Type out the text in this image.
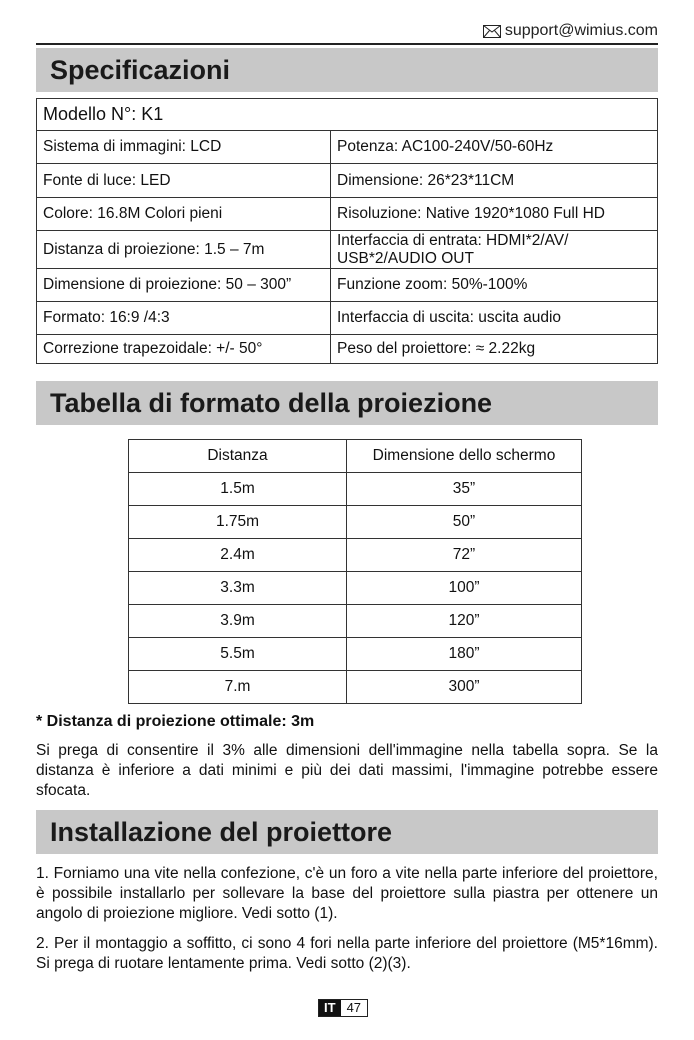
support@wimius.com
Specificazioni
Modello N°: K1	
Sistema di immagini: LCD	Potenza: AC100-240V/50-60Hz
Fonte di luce: LED	Dimensione: 26*23*11CM
Colore: 16.8M Colori pieni	Risoluzione: Native 1920*1080 Full HD
Distanza di proiezione: 1.5 – 7m	Interfaccia di entrata: HDMI*2/AV/
USB*2/AUDIO OUT
Dimensione di proiezione: 50 – 300”	Funzione zoom: 50%-100%
Formato: 16:9 /4:3	Interfaccia di uscita: uscita audio
Correzione trapezoidale: +/- 50°	Peso del proiettore: ≈ 2.22kg
Tabella di formato della proiezione
Distanza	Dimensione dello schermo
1.5m	35”
1.75m	50”
2.4m	72”
3.3m	100”
3.9m	120”
5.5m	180”
7.m	300”
* Distanza di proiezione ottimale: 3m
Si prega di consentire il 3% alle dimensioni dell'immagine nella tabella sopra. Se la distanza è inferiore a dati minimi e più dei dati massimi, l'immagine potrebbe essere sfocata.
Installazione del proiettore
1. Forniamo una vite nella confezione, c'è un foro a vite nella parte inferiore del proiettore, è possibile installarlo per sollevare la base del proiettore sulla piastra per ottenere un angolo di proiezione migliore. Vedi sotto (1).
2. Per il montaggio a soffitto, ci sono 4 fori nella parte inferiore del proiettore (M5*16mm). Si prega di ruotare lentamente prima. Vedi sotto (2)(3).
IT 47
